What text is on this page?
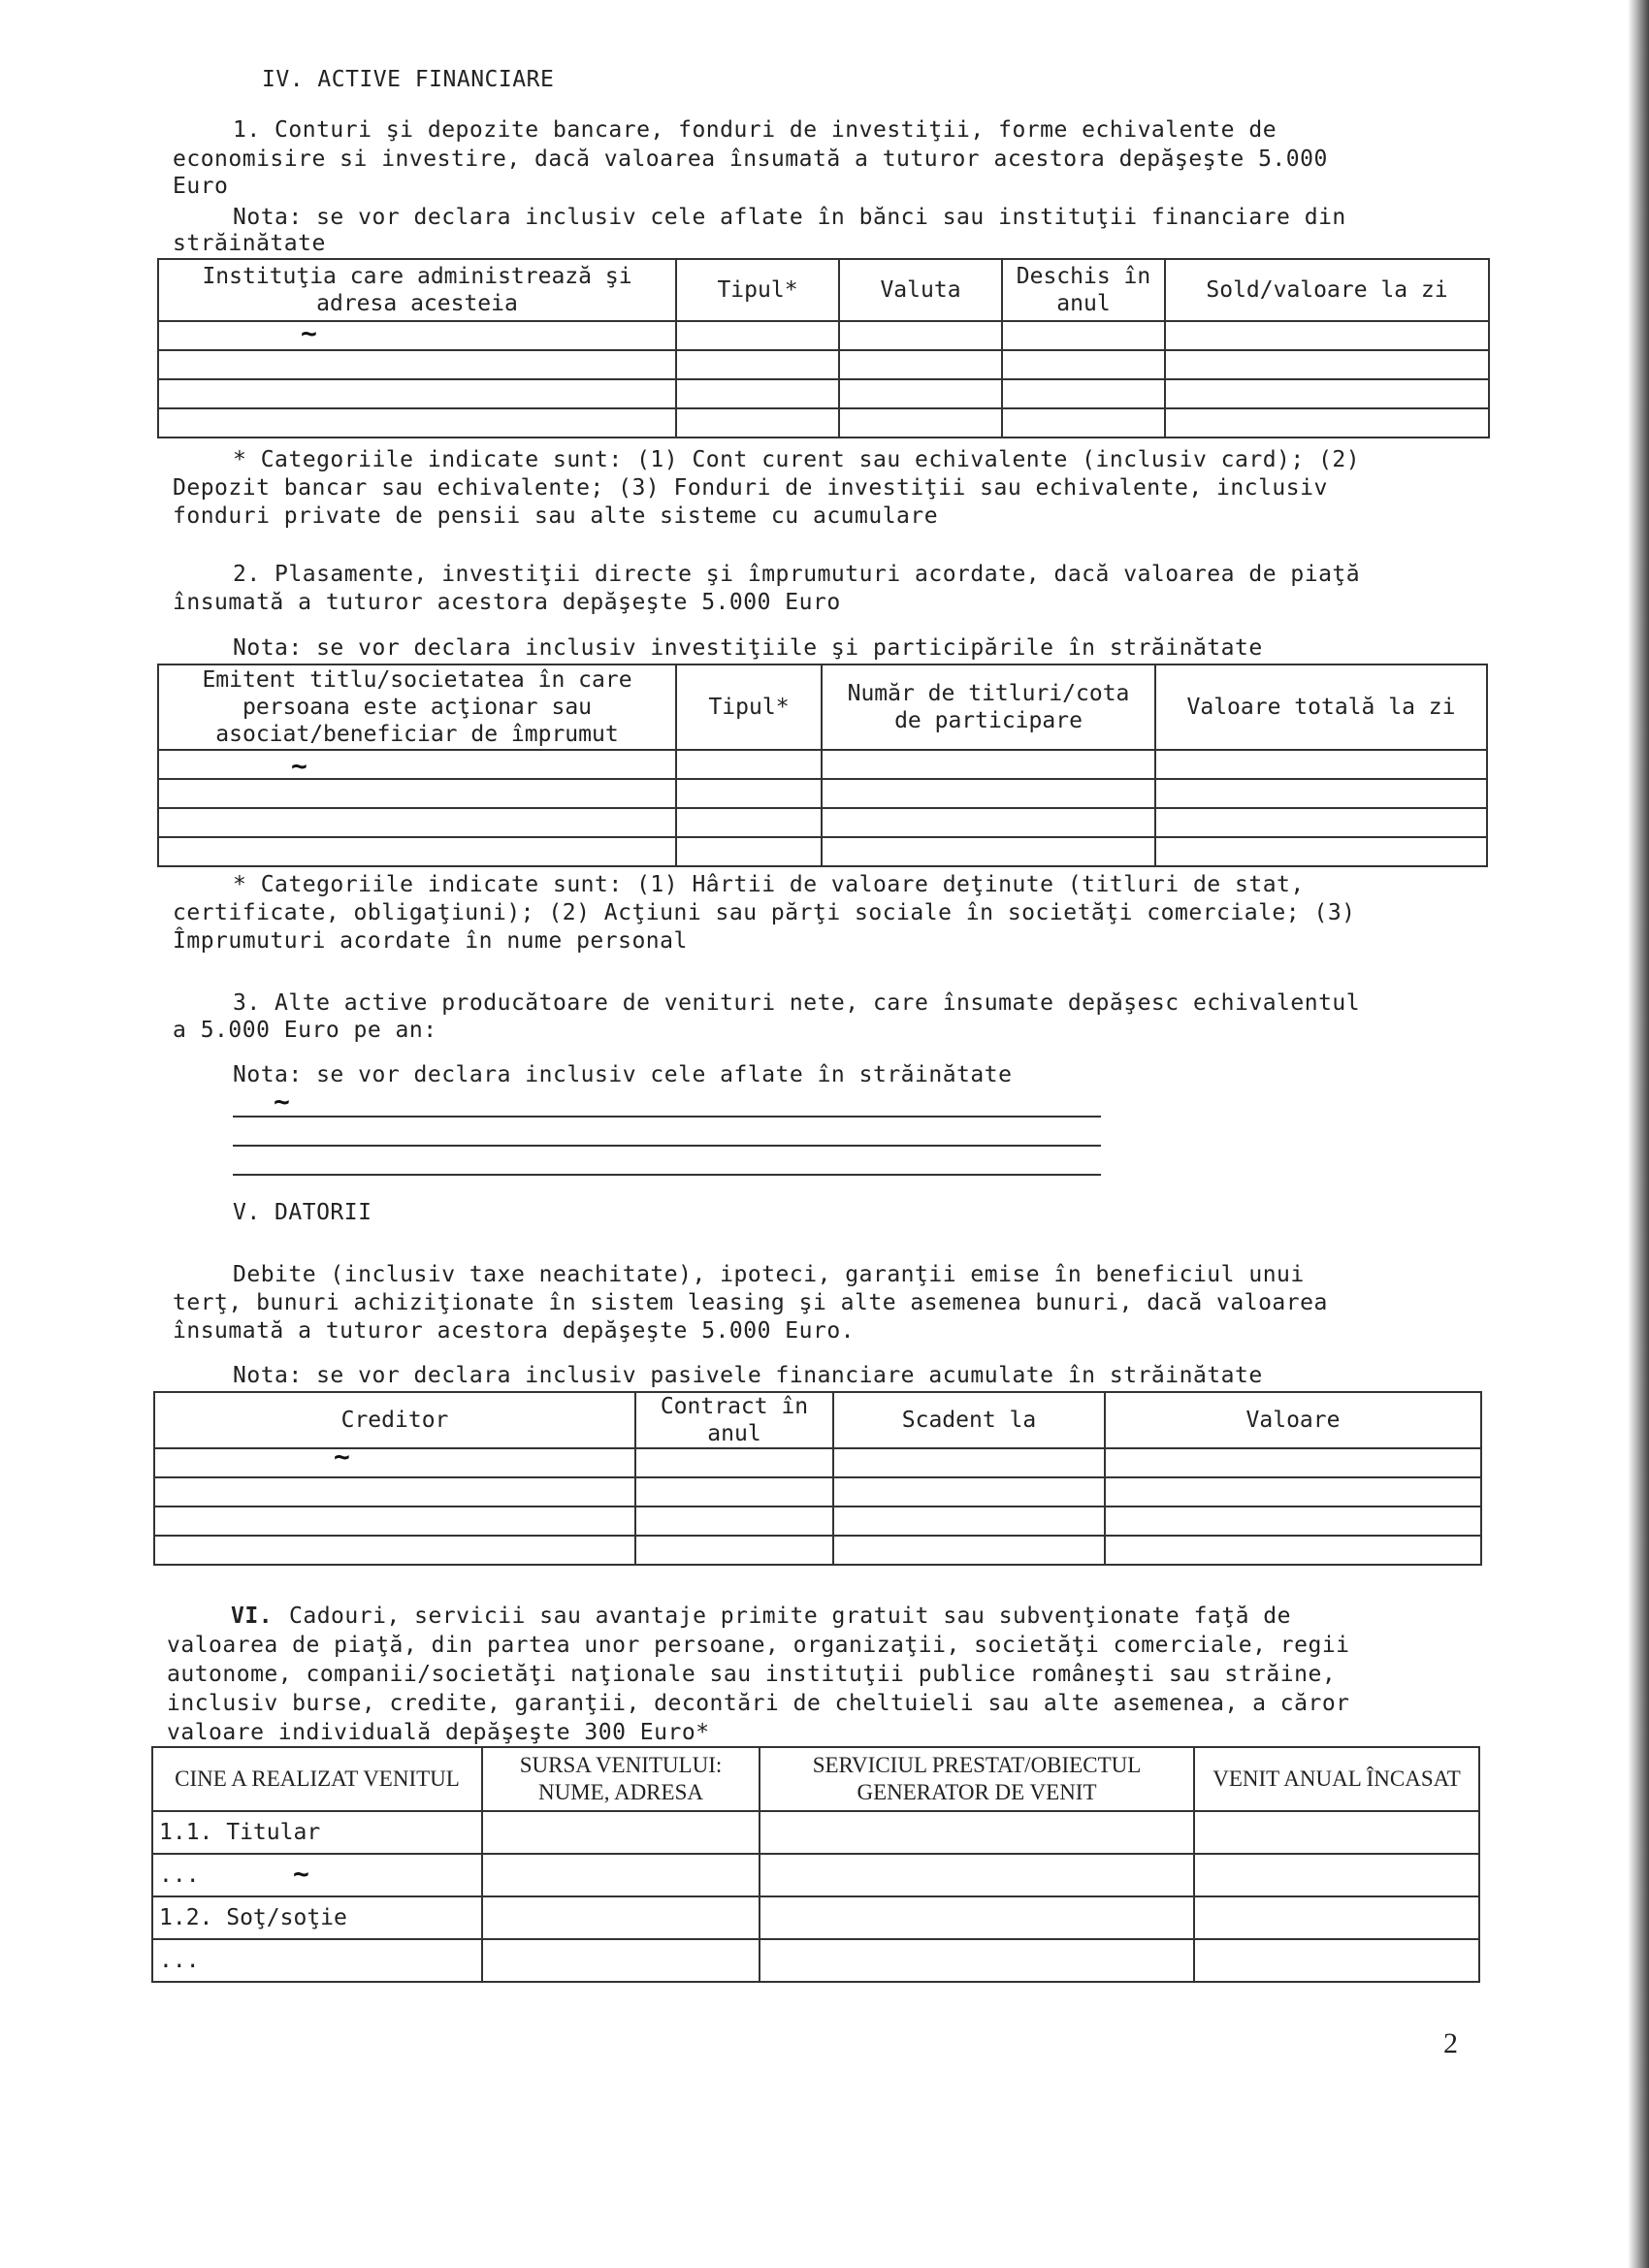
IV. ACTIVE FINANCIARE
1. Conturi şi depozite bancare, fonduri de investiţii, forme echivalente de
economisire si investire, dacă valoarea însumată a tuturor acestora depăşeşte 5.000
Euro
Nota: se vor declara inclusiv cele aflate în bănci sau instituţii financiare din
străinătate
Instituţia care administrează şi adresa acesteia	Tipul*	Valuta	Deschis în anul	Sold/valoare la zi

~
* Categoriile indicate sunt: (1) Cont curent sau echivalente (inclusiv card); (2)
Depozit bancar sau echivalente; (3) Fonduri de investiţii sau echivalente, inclusiv
fonduri private de pensii sau alte sisteme cu acumulare
2. Plasamente, investiţii directe şi împrumuturi acordate, dacă valoarea de piaţă
însumată a tuturor acestora depăşeşte 5.000 Euro
Nota: se vor declara inclusiv investiţiile şi participările în străinătate
Emitent titlu/societatea în care persoana este acţionar sau asociat/beneficiar de împrumut	Tipul*	Număr de titluri/cota de participare	Valoare totală la zi

~
* Categoriile indicate sunt: (1) Hârtii de valoare deţinute (titluri de stat,
certificate, obligaţiuni); (2) Acţiuni sau părţi sociale în societăţi comerciale; (3)
Împrumuturi acordate în nume personal
3. Alte active producătoare de venituri nete, care însumate depăşesc echivalentul
a 5.000 Euro pe an:
Nota: se vor declara inclusiv cele aflate în străinătate
~
V. DATORII
Debite (inclusiv taxe neachitate), ipoteci, garanţii emise în beneficiul unui
terţ, bunuri achiziţionate în sistem leasing şi alte asemenea bunuri, dacă valoarea
însumată a tuturor acestora depăşeşte 5.000 Euro.
Nota: se vor declara inclusiv pasivele financiare acumulate în străinătate
Creditor	Contract în anul	Scadent la	Valoare

~
VI. Cadouri, servicii sau avantaje primite gratuit sau subvenţionate faţă de
valoarea de piaţă, din partea unor persoane, organizaţii, societăţi comerciale, regii
autonome, companii/societăţi naţionale sau instituţii publice româneşti sau străine,
inclusiv burse, credite, garanţii, decontări de cheltuieli sau alte asemenea, a căror
valoare individuală depăşeşte 300 Euro*
CINE A REALIZAT VENITUL	SURSA VENITULUI: NUME, ADRESA	SERVICIUL PRESTAT/OBIECTUL GENERATOR DE VENIT	VENIT ANUAL ÎNCASAT
1.1. Titular			
...			
1.2. Soţ/soţie			
...			
~
2
